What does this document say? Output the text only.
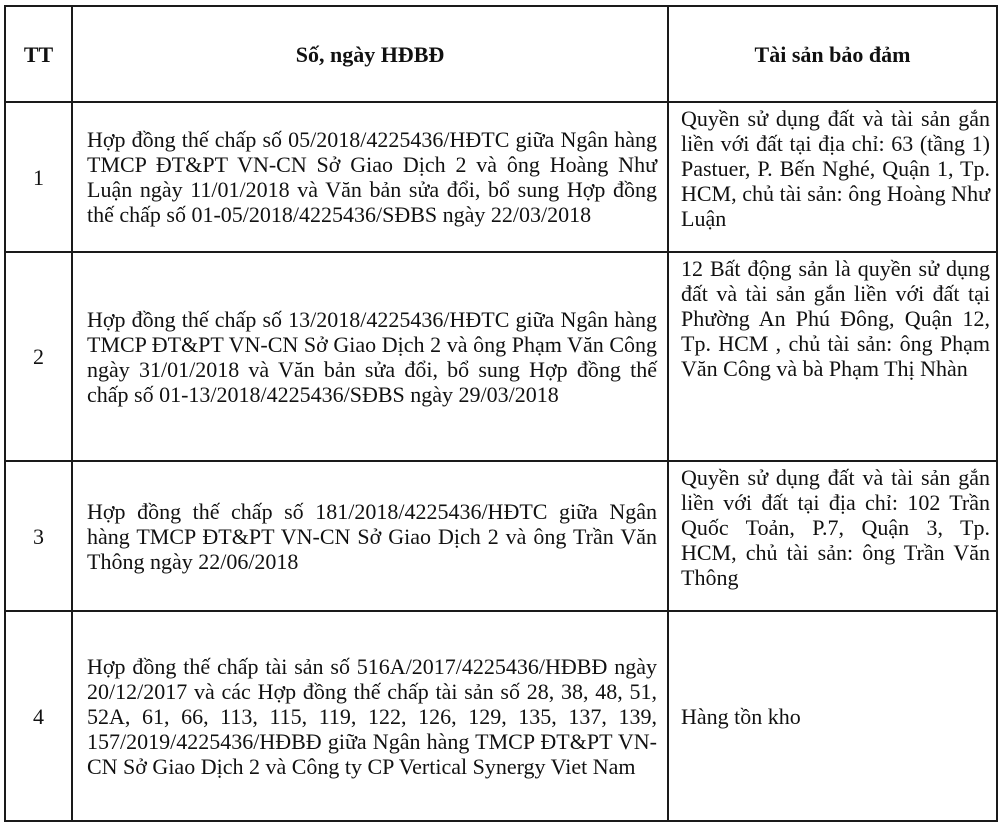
TT	Số, ngày HĐBĐ	Tài sản bảo đảm
1	Hợp đồng thế chấp số 05/2018/4225436/HĐTC giữa Ngân hàng TMCP ĐT&PT VN-CN Sở Giao Dịch 2 và ông Hoàng Như Luận ngày 11/01/2018 và Văn bản sửa đổi, bổ sung Hợp đồng thế chấp số 01-05/2018/4225436/SĐBS ngày 22/03/2018	Quyền sử dụng đất và tài sản gắn liền với đất tại địa chỉ: 63 (tầng 1) Pastuer, P. Bến Nghé, Quận 1, Tp. HCM, chủ tài sản: ông Hoàng Như Luận

2	Hợp đồng thế chấp số 13/2018/4225436/HĐTC giữa Ngân hàng TMCP ĐT&PT VN-CN Sở Giao Dịch 2 và ông Phạm Văn Công ngày 31/01/2018 và Văn bản sửa đổi, bổ sung Hợp đồng thế chấp số 01-13/2018/4225436/SĐBS ngày 29/03/2018	12 Bất động sản là quyền sử dụng đất và tài sản gắn liền với đất tại Phường An Phú Đông, Quận 12, Tp. HCM , chủ tài sản: ông Phạm Văn Công và bà Phạm Thị Nhàn

3	Hợp đồng thế chấp số 181/2018/4225436/HĐTC giữa Ngân hàng TMCP ĐT&PT VN-CN Sở Giao Dịch 2 và ông Trần Văn Thông ngày 22/06/2018	Quyền sử dụng đất và tài sản gắn liền với đất tại địa chỉ: 102 Trần Quốc Toản, P.7, Quận 3, Tp. HCM, chủ tài sản: ông Trần Văn Thông

4	Hợp đồng thế chấp tài sản số 516A/2017/4225436/HĐBĐ ngày 20/12/2017 và các Hợp đồng thế chấp tài sản số 28, 38, 48, 51, 52A, 61, 66, 113, 115, 119, 122, 126, 129, 135, 137, 139, 157/2019/4225436/HĐBĐ giữa Ngân hàng TMCP ĐT&PT VN-CN Sở Giao Dịch 2 và Công ty CP Vertical Synergy Viet Nam	Hàng tồn kho
